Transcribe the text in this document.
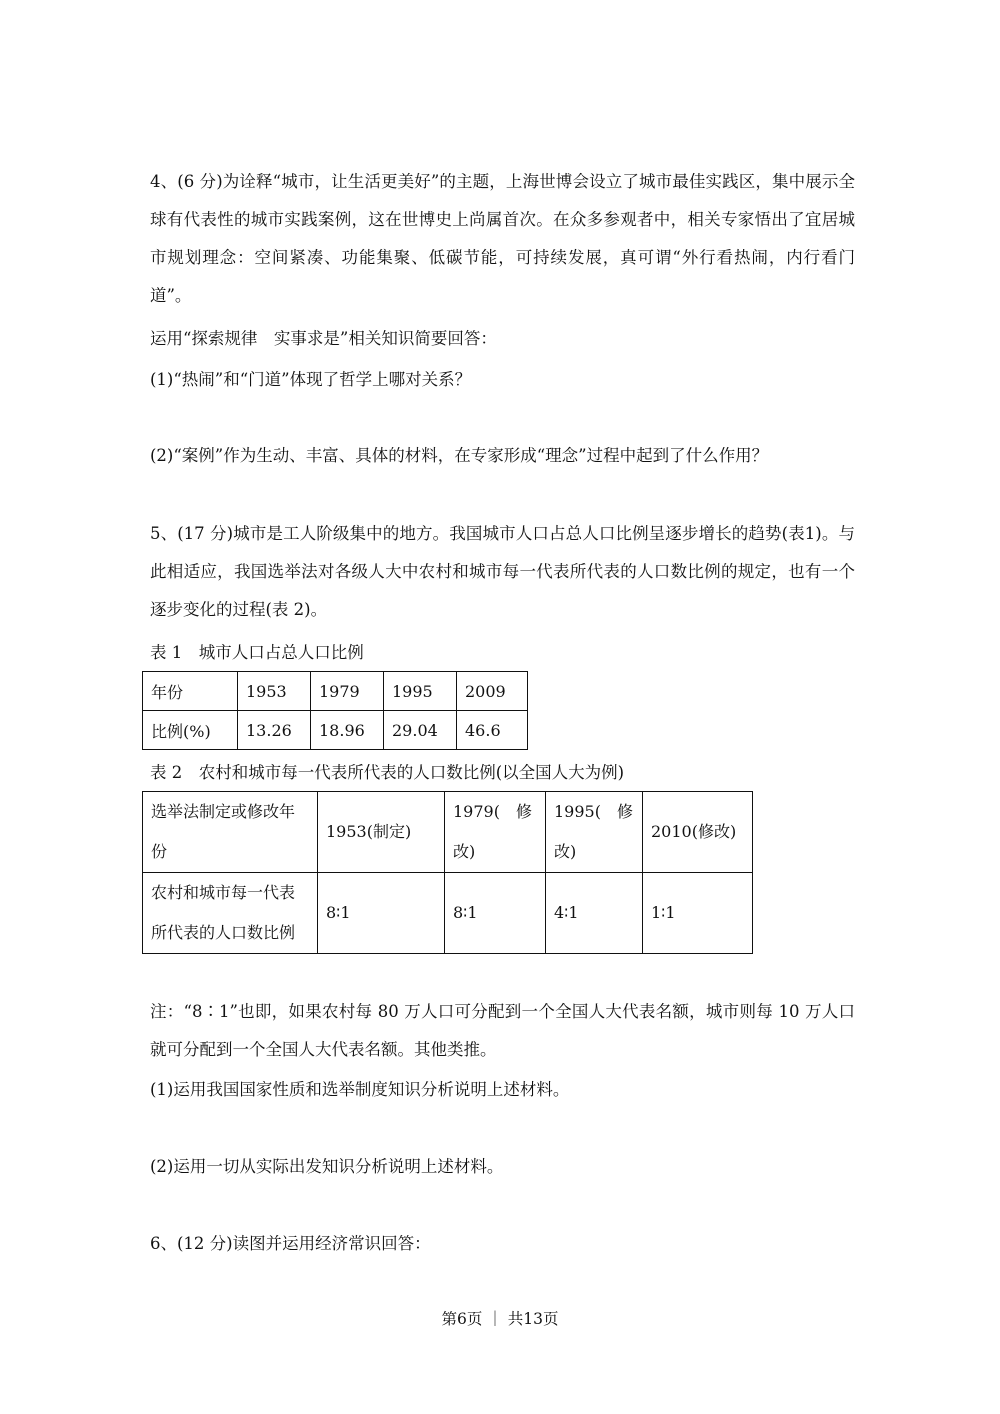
4、(6 分)为诠释“城市，让生活更美好”的主题，上海世博会设立了城市最佳实践区，集中展示全球有代表性的城市实践案例，这在世博史上尚属首次。在众多参观者中，相关专家悟出了宜居城市规划理念：空间紧凑、功能集聚、低碳节能，可持续发展，真可谓“外行看热闹，内行看门道”。

运用“探索规律　实事求是”相关知识简要回答：

(1)“热闹”和“门道”体现了哲学上哪对关系？

(2)“案例”作为生动、丰富、具体的材料，在专家形成“理念”过程中起到了什么作用？

5、(17 分)城市是工人阶级集中的地方。我国城市人口占总人口比例呈逐步增长的趋势(表1)。与此相适应，我国选举法对各级人大中农村和城市每一代表所代表的人口数比例的规定，也有一个逐步变化的过程(表 2)。

表 1　城市人口占总人口比例

年份	1953	1979	1995	2009
比例(%)	13.26	18.96	29.04	46.6

表 2　农村和城市每一代表所代表的人口数比例(以全国人大为例)

选举法制定或修改年份	1953(制定)	1979(　修改)	1995(　修改)	2010(修改)
农村和城市每一代表所代表的人口数比例	8∶1	8∶1	4∶1	1∶1

注：“8∶1”也即，如果农村每 80 万人口可分配到一个全国人大代表名额，城市则每 10 万人口就可分配到一个全国人大代表名额。其他类推。

(1)运用我国国家性质和选举制度知识分析说明上述材料。

(2)运用一切从实际出发知识分析说明上述材料。

6、(12 分)读图并运用经济常识回答：

第6页 ｜ 共13页
